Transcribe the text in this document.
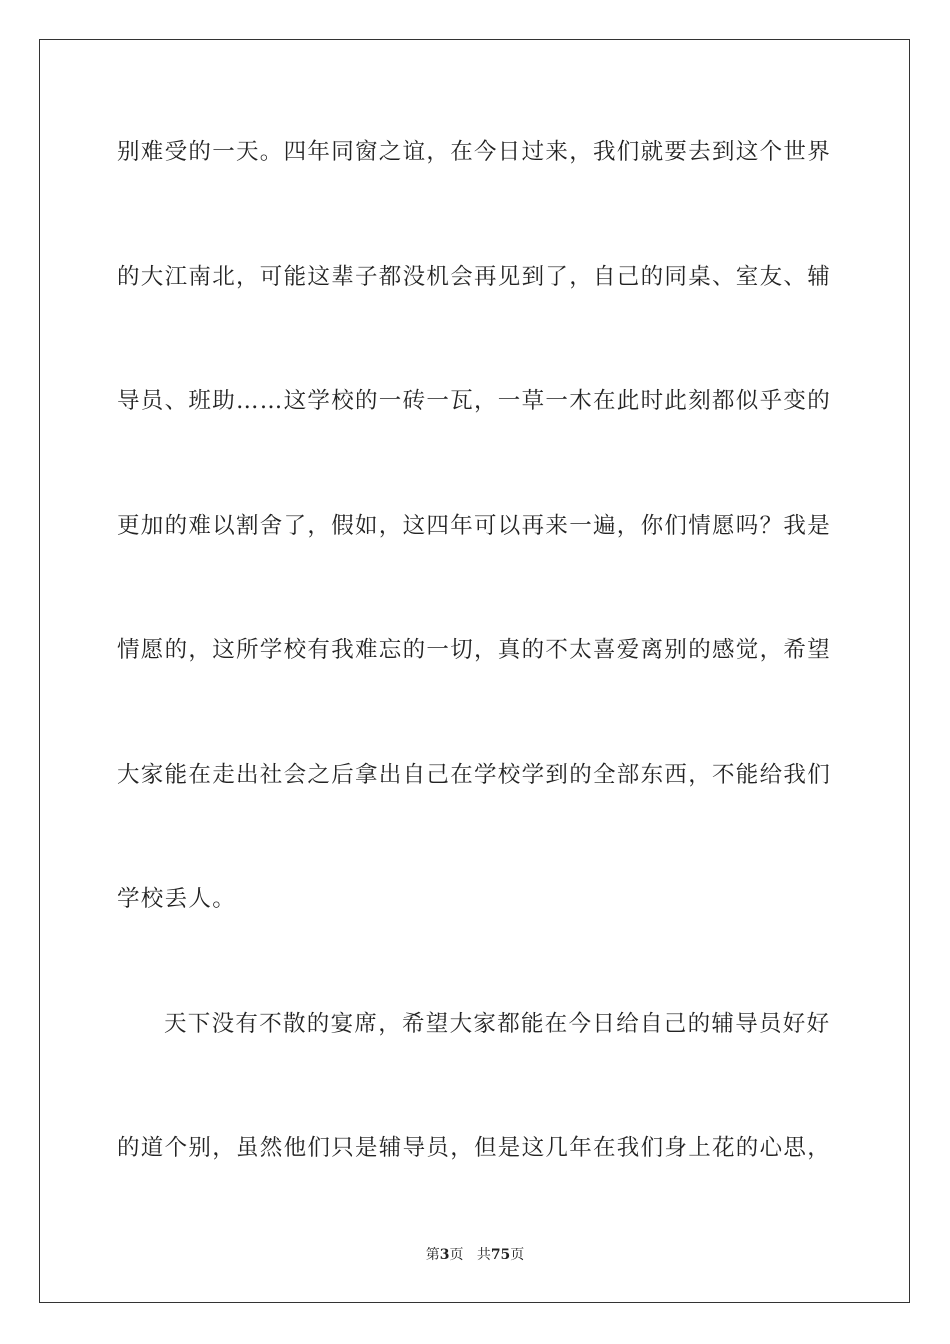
别难受的一天。四年同窗之谊，在今日过来，我们就要去到这个世界
的大江南北，可能这辈子都没机会再见到了，自己的同桌、室友、辅
导员、班助……这学校的一砖一瓦，一草一木在此时此刻都似乎变的
更加的难以割舍了，假如，这四年可以再来一遍，你们情愿吗？我是
情愿的，这所学校有我难忘的一切，真的不太喜爱离别的感觉，希望
大家能在走出社会之后拿出自己在学校学到的全部东西，不能给我们
学校丢人。
天下没有不散的宴席，希望大家都能在今日给自己的辅导员好好
的道个别，虽然他们只是辅导员，但是这几年在我们身上花的心思，
第3页 共75页
